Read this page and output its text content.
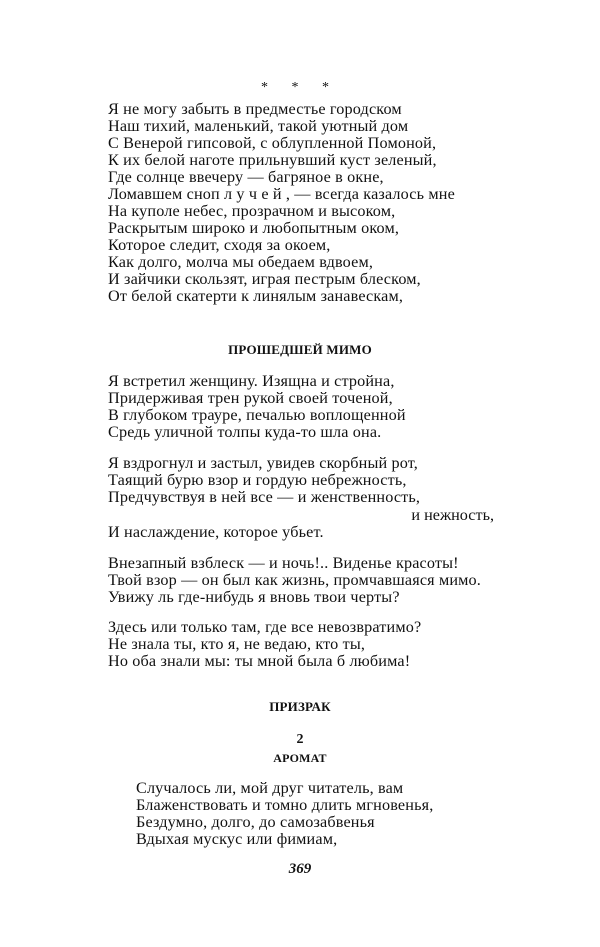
* * *
Я не могу забыть в предместье городском
Наш тихий, маленький, такой уютный дом
С Венерой гипсовой, с облупленной Помоной,
К их белой наготе прильнувший куст зеленый,
Где солнце ввечеру — багряное в окне,
Ломавшем сноп л у ч е й , — всегда казалось мне
На куполе небес, прозрачном и высоком,
Раскрытым широко и любопытным оком,
Которое следит, сходя за окоем,
Как долго, молча мы обедаем вдвоем,
И зайчики скользят, играя пестрым блеском,
От белой скатерти к линялым занавескам,
ПРОШЕДШЕЙ МИМО
Я встретил женщину. Изящна и стройна,
Придерживая трен рукой своей точеной,
В глубоком трауре, печалью воплощенной
Средь уличной толпы куда-то шла она.
Я вздрогнул и застыл, увидев скорбный рот,
Таящий бурю взор и гордую небрежность,
Предчувствуя в ней все — и женственность,
и нежность,
И наслаждение, которое убьет.
Внезапный взблеск — и ночь!.. Виденье красоты!
Твой взор — он был как жизнь, промчавшаяся мимо.
Увижу ль где-нибудь я вновь твои черты?
Здесь или только там, где все невозвратимо?
Не знала ты, кто я, не ведаю, кто ты,
Но оба знали мы: ты мной была б любима!
ПРИЗРАК
2
АРОМАТ
Случалось ли, мой друг читатель, вам
Блаженствовать и томно длить мгновенья,
Бездумно, долго, до самозабвенья
Вдыхая мускус или фимиам,
369
